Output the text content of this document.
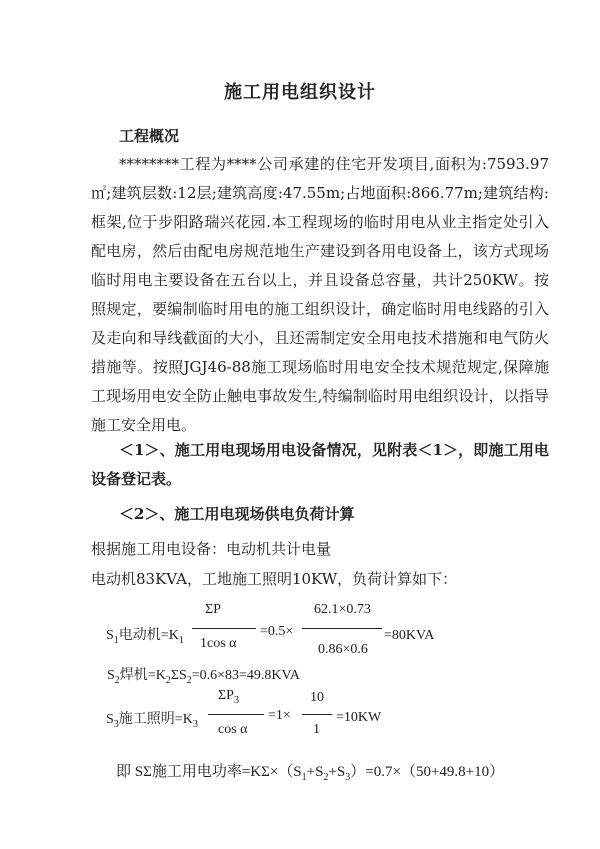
施工用电组织设计
工程概况
********工程为****公司承建的住宅开发项目,面积为:7593.97㎡;建筑层数:12层;建筑高度:47.55m;占地面积:866.77m;建筑结构:框架,位于步阳路瑞兴花园.本工程现场的临时用电从业主指定处引入配电房，然后由配电房规范地生产建设到各用电设备上，该方式现场临时用电主要设备在五台以上，并且设备总容量，共计250KW。按照规定，要编制临时用电的施工组织设计，确定临时用电线路的引入及走向和导线截面的大小，且还需制定安全用电技术措施和电气防火措施等。按照JGJ46-88施工现场临时用电安全技术规范规定,保障施工现场用电安全防止触电事故发生,特编制临时用电组织设计，以指导施工安全用电。
＜1＞、施工用电现场用电设备情况，见附表＜1＞，即施工用电设备登记表。
＜2＞、施工用电现场供电负荷计算
根据施工用电设备：电动机共计电量
电动机83KVA，工地施工照明10KW，负荷计算如下：
$S_1$电动机$=K_1$
ΣP
1cos α
=0.5×
62.1×0.73
0.86×0.6
=80KVA
$S_2$焊机$=K_2\Sigma S_2=0.6\times 83=49.8KVA$
$S_3$施工照明$=K_3$
$\Sigma P_3$
cos α
=1×
10
1
=10KW
即 SΣ施工用电功率$=K\Sigma\times(S_1+S_2+S_3)=0.7\times(50+49.8+10)$
